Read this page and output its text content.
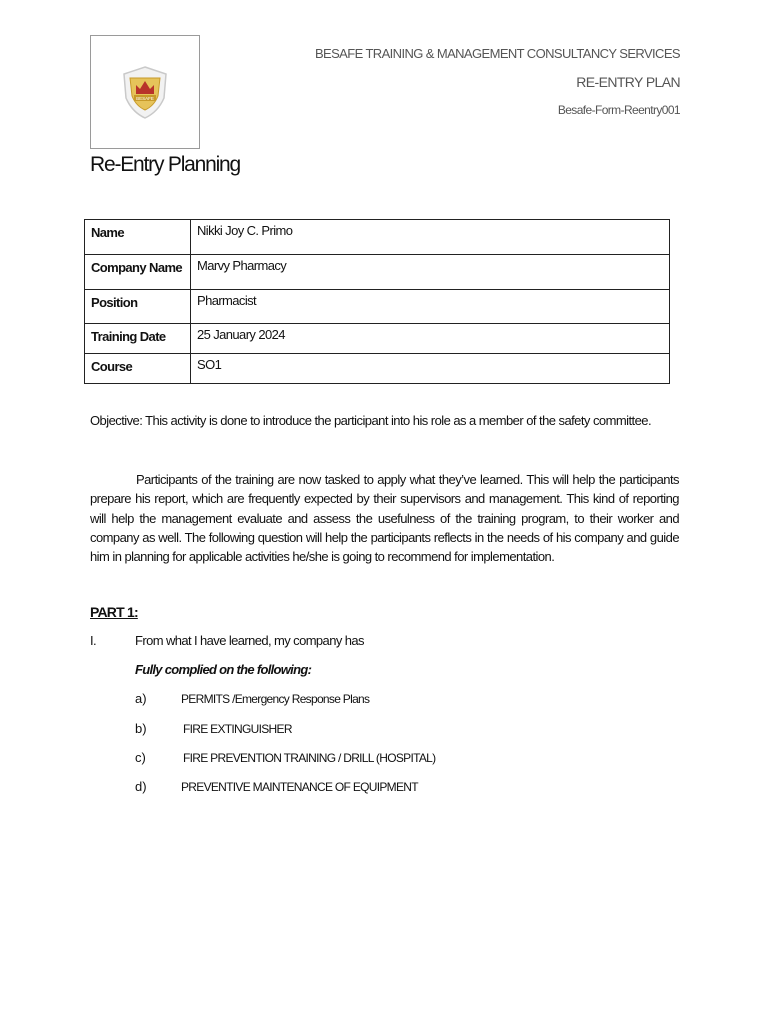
BESAFE
BESAFE TRAINING & MANAGEMENT CONSULTANCY SERVICES
RE-ENTRY PLAN
Besafe-Form-Reentry001
Re-Entry Planning
Name	Nikki Joy C. Primo
Company Name	Marvy Pharmacy
Position	Pharmacist
Training Date	25 January 2024
Course	SO1
Objective: This activity is done to introduce the participant into his role as a member of the safety committee.
Participants of the training are now tasked to apply what they’ve learned. This will help the participants prepare his report, which are frequently expected by their supervisors and management. This kind of reporting will help the management evaluate and assess the usefulness of the training program, to their worker and company as well. The following question will help the participants reflects in the needs of his company and guide him in planning for applicable activities he/she is going to recommend for implementation.
PART 1:
I.	From what I have learned, my company has
Fully complied on the following:
a)	PERMITS /Emergency Response Plans
b)	FIRE EXTINGUISHER
c)	FIRE PREVENTION TRAINING / DRILL (HOSPITAL)
d)	PREVENTIVE MAINTENANCE OF EQUIPMENT
